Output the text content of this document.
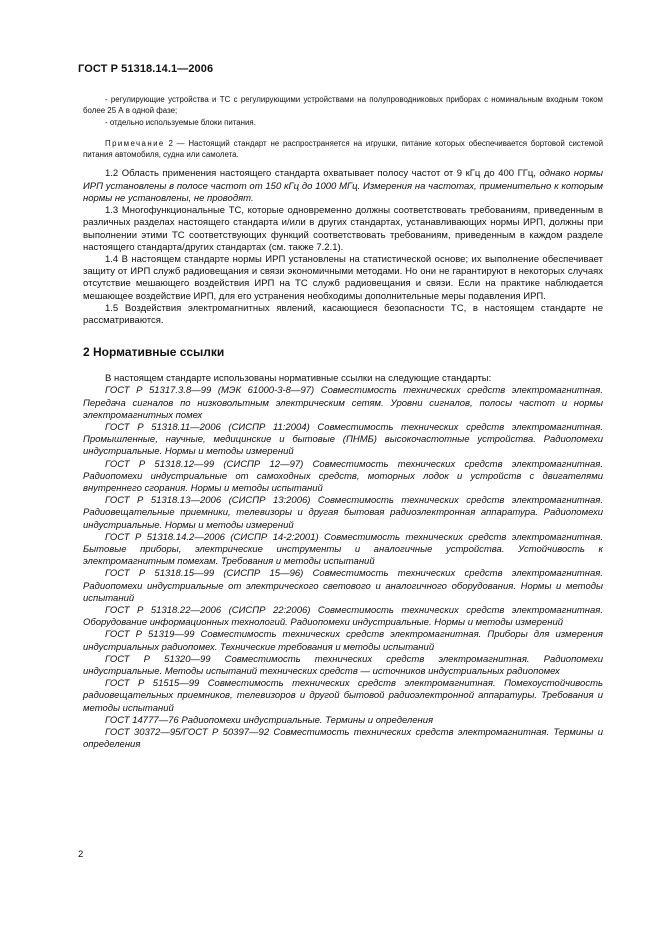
ГОСТ Р 51318.14.1—2006

- регулирующие устройства и ТС с регулирующими устройствами на полупроводниковых приборах с номинальным входным током более 25 А в одной фазе;

- отдельно используемые блоки питания.

Примечание 2 — Настоящий стандарт не распространяется на игрушки, питание которых обеспечивается бортовой системой питания автомобиля, судна или самолета.

1.2 Область применения настоящего стандарта охватывает полосу частот от 9 кГц до 400 ГГц, однако нормы ИРП установлены в полосе частот от 150 кГц до 1000 МГц. Измерения на частотах, применительно к которым нормы не установлены, не проводят.

1.3 Многофункциональные ТС, которые одновременно должны соответствовать требованиям, приведенным в различных разделах настоящего стандарта и/или в других стандартах, устанавливающих нормы ИРП, должны при выполнении этими ТС соответствующих функций соответствовать требованиям, приведенным в каждом разделе настоящего стандарта/других стандартах (см. также 7.2.1).

1.4 В настоящем стандарте нормы ИРП установлены на статистической основе; их выполнение обеспечивает защиту от ИРП служб радиовещания и связи экономичными методами. Но они не гарантируют в некоторых случаях отсутствие мешающего воздействия ИРП на ТС служб радиовещания и связи. Если на практике наблюдается мешающее воздействие ИРП, для его устранения необходимы дополнительные меры подавления ИРП.

1.5 Воздействия электромагнитных явлений, касающиеся безопасности ТС, в настоящем стандарте не рассматриваются.

2 Нормативные ссылки

В настоящем стандарте использованы нормативные ссылки на следующие стандарты:

ГОСТ Р 51317.3.8—99 (МЭК 61000-3-8—97) Совместимость технических средств электромагнитная. Передача сигналов по низковольтным электрическим сетям. Уровни сигналов, полосы частот и нормы электромагнитных помех

ГОСТ Р 51318.11—2006 (СИСПР 11:2004) Совместимость технических средств электромагнитная. Промышленные, научные, медицинские и бытовые (ПНМБ) высокочастотные устройства. Радиопомехи индустриальные. Нормы и методы измерений

ГОСТ Р 51318.12—99 (СИСПР 12—97) Совместимость технических средств электромагнитная. Радиопомехи индустриальные от самоходных средств, моторных лодок и устройств с двигателями внутреннего сгорания. Нормы и методы испытаний

ГОСТ Р 51318.13—2006 (СИСПР 13:2006) Совместимость технических средств электромагнитная. Радиовещательные приемники, телевизоры и другая бытовая радиоэлектронная аппаратура. Радиопомехи индустриальные. Нормы и методы измерений

ГОСТ Р 51318.14.2—2006 (СИСПР 14-2:2001) Совместимость технических средств электромагнитная. Бытовые приборы, электрические инструменты и аналогичные устройства. Устойчивость к электромагнитным помехам. Требования и методы испытаний

ГОСТ Р 51318.15—99 (СИСПР 15—96) Совместимость технических средств электромагнитная. Радиопомехи индустриальные от электрического светового и аналогичного оборудования. Нормы и методы испытаний

ГОСТ Р 51318.22—2006 (СИСПР 22:2006) Совместимость технических средств электромагнитная. Оборудование информационных технологий. Радиопомехи индустриальные. Нормы и методы измерений

ГОСТ Р 51319—99 Совместимость технических средств электромагнитная. Приборы для измерения индустриальных радиопомех. Технические требования и методы испытаний

ГОСТ Р 51320—99 Совместимость технических средств электромагнитная. Радиопомехи индустриальные. Методы испытаний технических средств — источников индустриальных радиопомех

ГОСТ Р 51515—99 Совместимость технических средств электромагнитная. Помехоустойчивость радиовещательных приемников, телевизоров и другой бытовой радиоэлектронной аппаратуры. Требования и методы испытаний

ГОСТ 14777—76 Радиопомехи индустриальные. Термины и определения

ГОСТ 30372—95/ГОСТ Р 50397—92 Совместимость технических средств электромагнитная. Термины и определения

2
